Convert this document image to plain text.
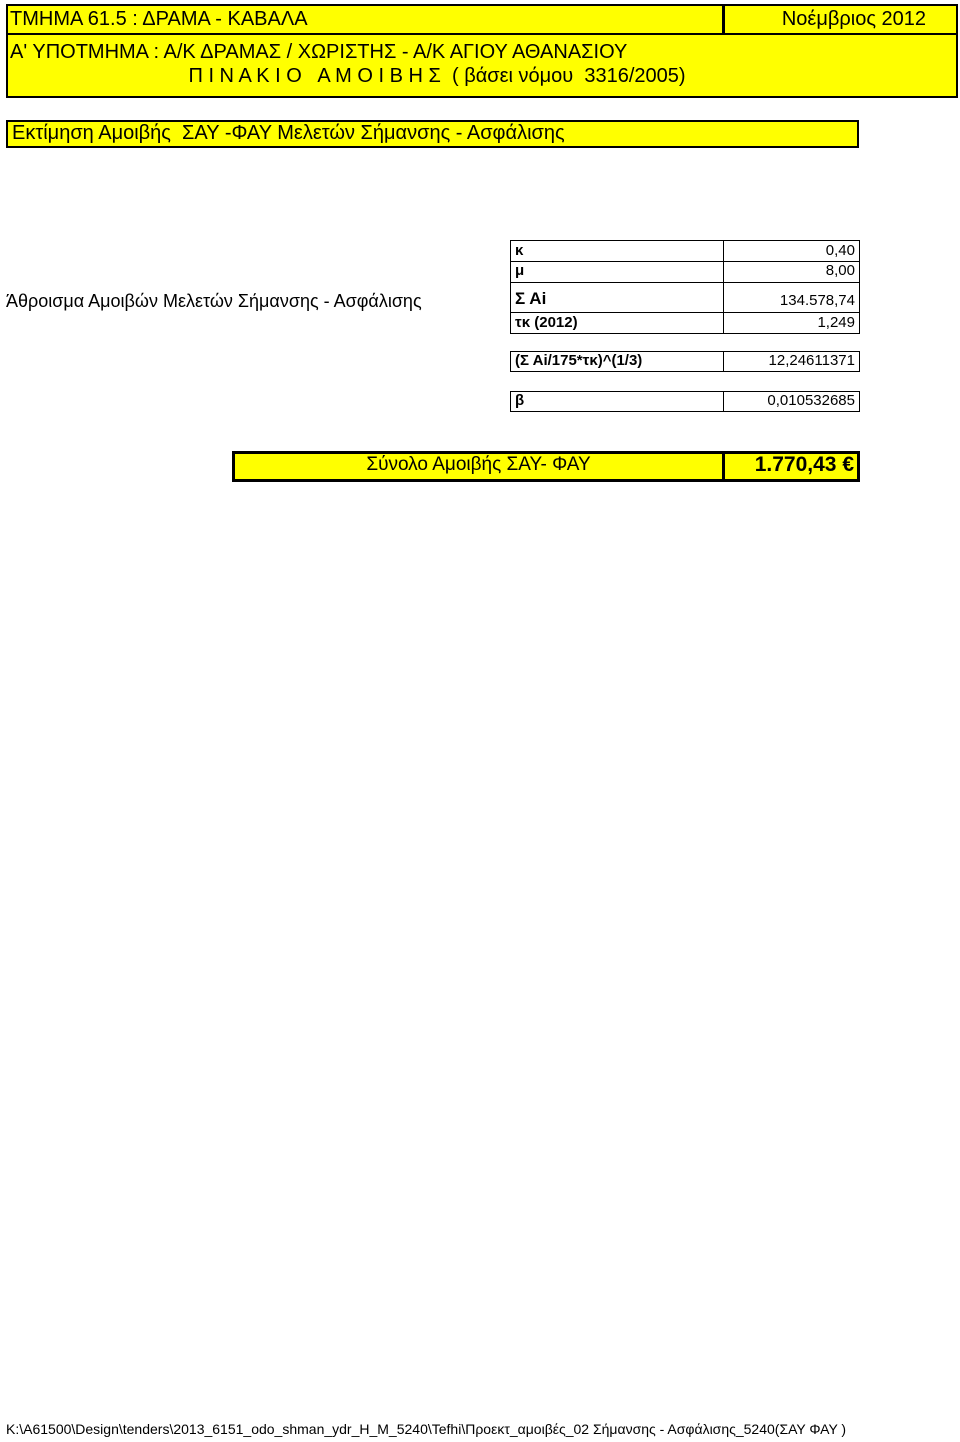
ΤΜΗΜΑ 61.5 : ΔΡΑΜΑ - ΚΑΒΑΛΑ	Νοέμβριος 2012
Α' ΥΠΟΤΜΗΜΑ : Α/Κ ΔΡΑΜΑΣ / ΧΩΡΙΣΤΗΣ - Α/Κ ΑΓΙΟΥ ΑΘΑΝΑΣΙΟΥ
Π Ι Ν Α Κ Ι Ο   Α Μ Ο Ι Β Η Σ  ( βάσει νόμου  3316/2005)
Εκτίμηση Αμοιβής  ΣΑΥ -ΦΑΥ Μελετών Σήμανσης - Ασφάλισης
Άθροισμα Αμοιβών Μελετών Σήμανσης - Ασφάλισης
κ	0,40
μ	8,00
Σ Αi	134.578,74
τκ (2012)	1,249
(Σ Αi/175*τκ)^(1/3)	12,24611371
β	0,010532685
Σύνολο Αμοιβής ΣΑΥ- ΦΑΥ	1.770,43 €
K:\A61500\Design\tenders\2013_6151_odo_shman_ydr_H_M_5240\Tefhi\Προεκτ_αμοιβές_02 Σήμανσης - Ασφάλισης_5240(ΣΑΥ ΦΑΥ )
